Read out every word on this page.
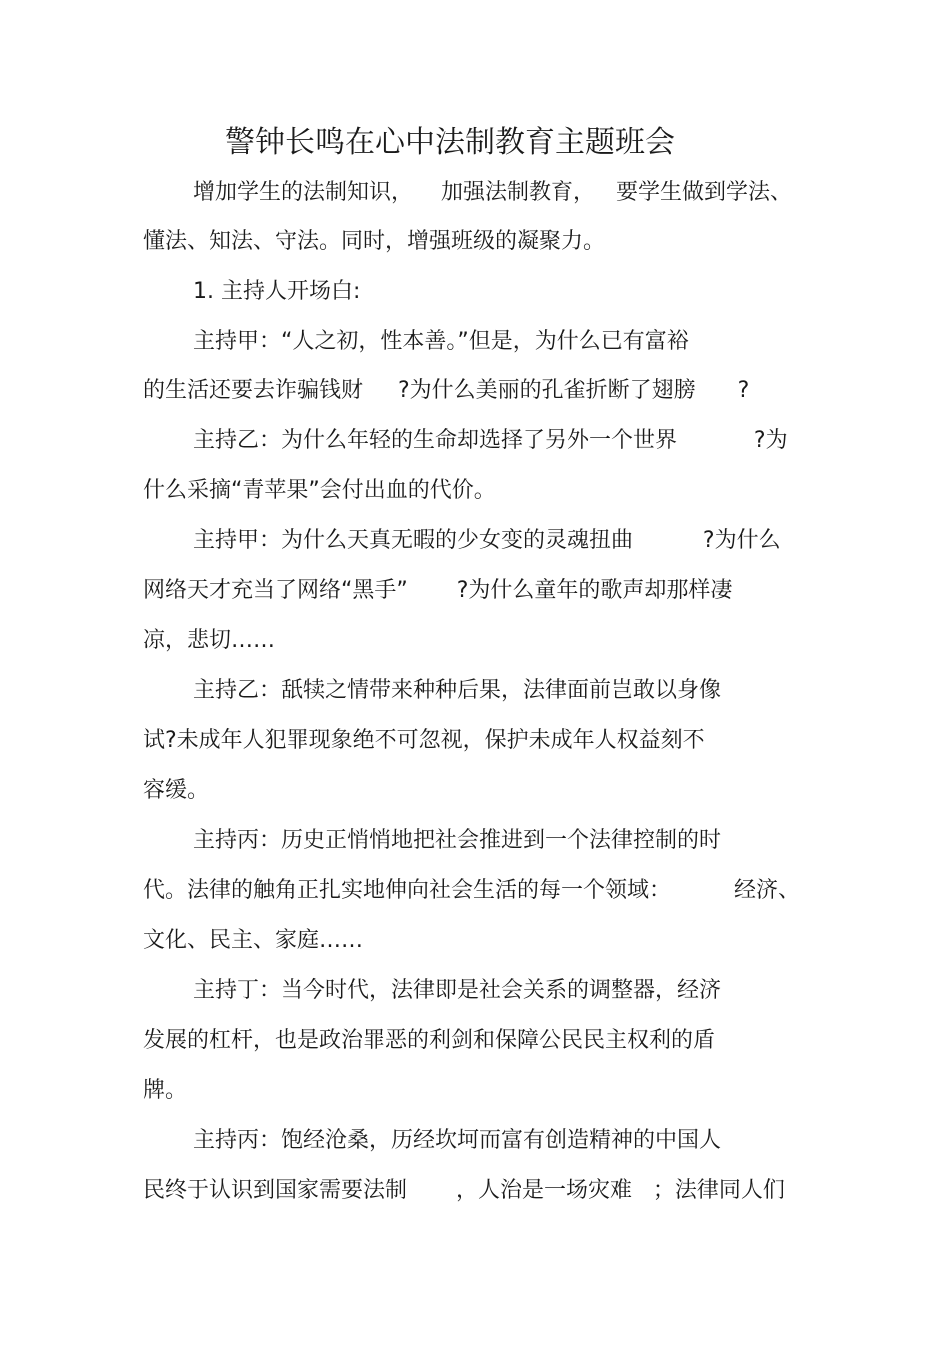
警钟长鸣在心中法制教育主题班会
增加学生的法制知识，    加强法制教育，   要学生做到学法、
懂法、知法、守法。同时，增强班级的凝聚力。
1. 主持人开场白:
主持甲：“人之初，性本善。”但是，为什么已有富裕
的生活还要去诈骗钱财     ?为什么美丽的孔雀折断了翅膀      ?
主持乙：为什么年轻的生命却选择了另外一个世界           ?为
什么采摘“青苹果”会付出血的代价。
主持甲：为什么天真无暇的少女变的灵魂扭曲          ?为什么
网络天才充当了网络“黑手”       ?为什么童年的歌声却那样凄
凉，悲切……
主持乙：舐犊之情带来种种后果，法律面前岂敢以身像
试?未成年人犯罪现象绝不可忽视，保护未成年人权益刻不
容缓。
主持丙：历史正悄悄地把社会推进到一个法律控制的时
代。法律的触角正扎实地伸向社会生活的每一个领域：         经济、
文化、民主、家庭……
主持丁：当今时代，法律即是社会关系的调整器，经济
发展的杠杆，也是政治罪恶的利剑和保障公民民主权利的盾
牌。
主持丙：饱经沧桑，历经坎坷而富有创造精神的中国人
民终于认识到国家需要法制       ，人治是一场灾难   ；法律同人们
